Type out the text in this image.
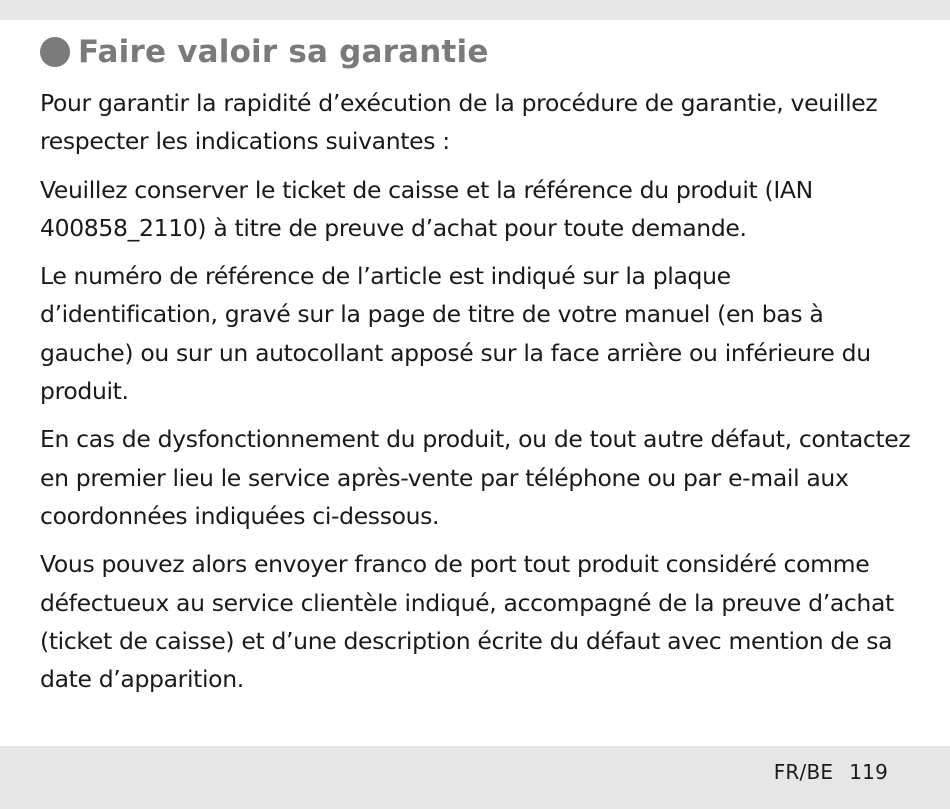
Faire valoir sa garantie

Pour garantir la rapidité d’exécution de la procédure de garantie, veuillez respecter les indications suivantes :

Veuillez conserver le ticket de caisse et la référence du produit (IAN 400858_2110) à titre de preuve d’achat pour toute demande.

Le numéro de référence de l’article est indiqué sur la plaque d’identification, gravé sur la page de titre de votre manuel (en bas à gauche) ou sur un autocollant apposé sur la face arrière ou inférieure du produit.

En cas de dysfonctionnement du produit, ou de tout autre défaut, contactez en premier lieu le service après-vente par téléphone ou par e-mail aux coordonnées indiquées ci-dessous.

Vous pouvez alors envoyer franco de port tout produit considéré comme défectueux au service clientèle indiqué, accompagné de la preuve d’achat (ticket de caisse) et d’une description écrite du défaut avec mention de sa date d’apparition.

FR/BE 119
